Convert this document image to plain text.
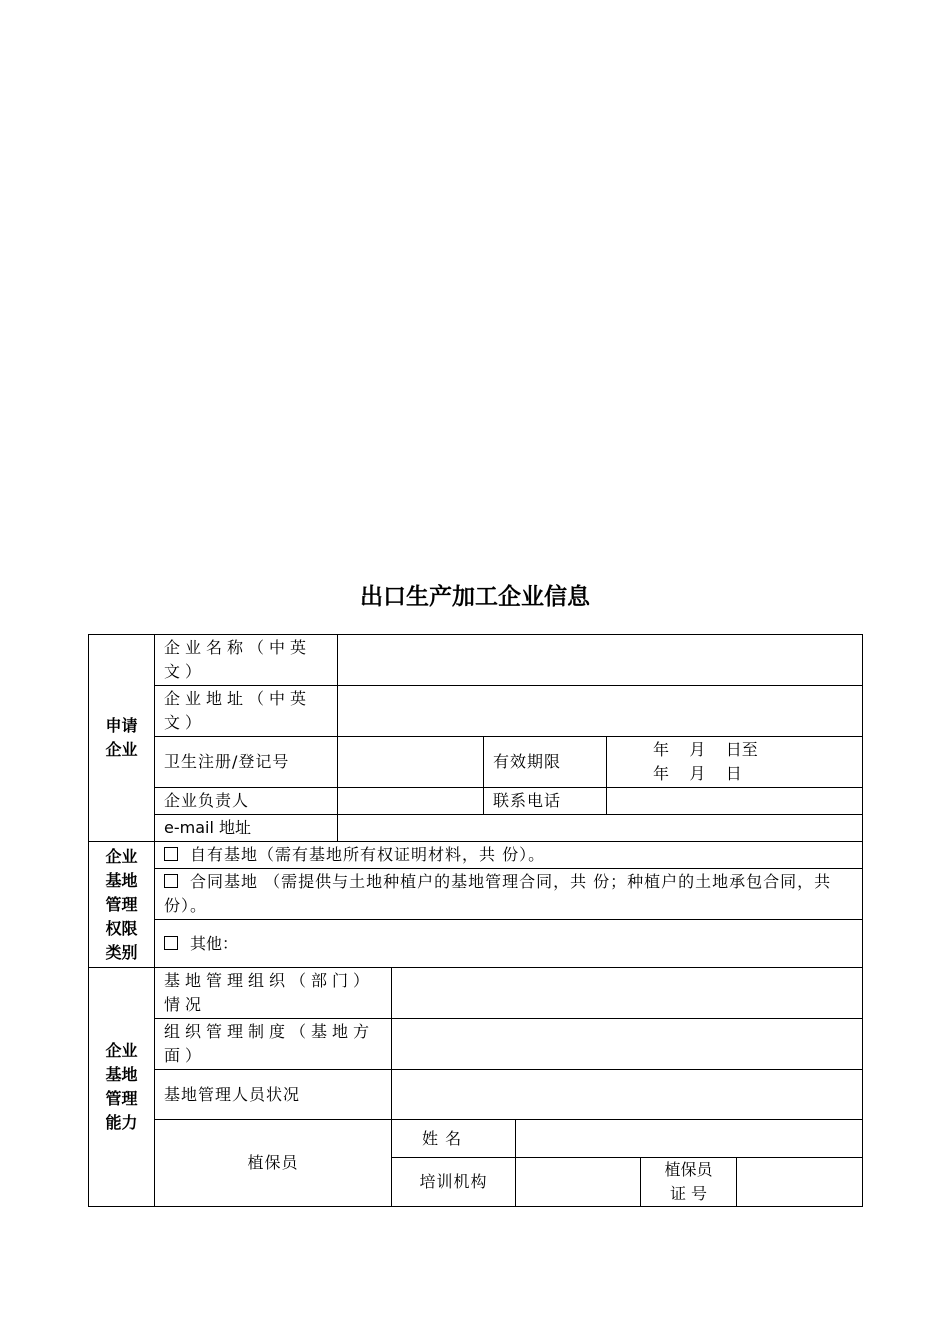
出口生产加工企业信息
申请企业	企业名称（中英文）							
	企业地址（中英文）							
	卫生注册/登记号			有效期限		年    月    日至
年    月    日		

	企业负责人			联系电话				
	e-mail 地址							

企业基地管理权限类别	自有基地（需有基地所有权证明材料，共 份）。							
	合同基地 （需提供与土地种植户的基地管理合同，共 份；种植户的土地承包合同，共 份）。							
	其他：							

企业基地管理能力	基地管理组织（部门）情况							
	组织管理制度（基地方面）							
	基地管理人员状况							
	植保员		姓 名					
			培训机构				植保员
证 号	
